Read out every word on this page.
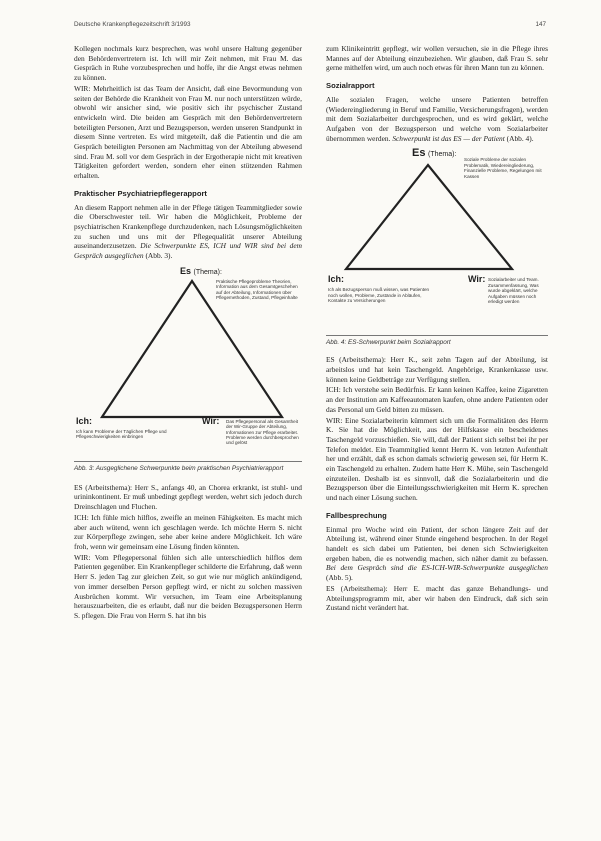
Deutsche Krankenpflegezeitschrift 3/1993	147

Kollegen nochmals kurz besprechen, was wohl unsere Haltung gegenüber den Behördenvertretern ist. Ich will mir Zeit nehmen, mit Frau M. das Gespräch in Ruhe vorzubesprechen und hoffe, ihr die Angst etwas nehmen zu können.

WIR: Mehrheitlich ist das Team der Ansicht, daß eine Bevormundung von seiten der Behörde die Krankheit von Frau M. nur noch unterstützen würde, obwohl wir ansicher sind, wie positiv sich ihr psychischer Zustand entwickeln wird. Die beiden am Gespräch mit den Behördenvertretern beteiligten Personen, Arzt und Bezugsperson, werden unseren Standpunkt in diesem Sinne vertreten. Es wird mitgeteilt, daß die Patientin und die am Gespräch beteiligten Personen am Nachmittag von der Abteilung abwesend sind. Frau M. soll vor dem Gespräch in der Ergotherapie nicht mit kreativen Tätigkeiten gefordert werden, sondern eher einen stützenden Rahmen erhalten.

Praktischer Psychiatriepflegerapport

An diesem Rapport nehmen alle in der Pflege tätigen Teammitglieder sowie die Oberschwester teil. Wir haben die Möglichkeit, Probleme der psychiatrischen Krankenpflege durchzudenken, nach Lösungsmöglichkeiten zu suchen und uns mit der Pflegequalität unserer Abteilung auseinanderzusetzen. Die Schwerpunkte ES, ICH und WIR sind bei dem Gespräch ausgeglichen (Abb. 3).

Es (Thema):
Praktische Pflegeprobleme Theorien, Information aus dem Gesamtgeschehen auf der Abteilung, Informationen über Pflegemethoden, Zustand, Pflegeinhalte
Ich:
Ich kann Probleme der Täglichen Pflege und Pflegeschwierigkeiten einbringen
Wir: Das Pflegepersonal als Gesamtheit der Wir-Gruppe der Abteilung, Informationen zur Pflege erarbeitet. Probleme werden durchbesprochen und gelöst
Abb. 3: Ausgeglichene Schwerpunkte beim praktischen Psychiatrierapport

ES (Arbeitsthema): Herr S., anfangs 40, an Chorea erkrankt, ist stuhl- und urininkontinent. Er muß unbedingt gepflegt werden, wehrt sich jedoch durch Dreinschlagen und Fluchen.

ICH: Ich fühle mich hilflos, zweifle an meinen Fähigkeiten. Es macht mich aber auch wütend, wenn ich geschlagen werde. Ich möchte Herrn S. nicht zur Körperpflege zwingen, sehe aber keine andere Möglichkeit. Ich wäre froh, wenn wir gemeinsam eine Lösung finden könnten.

WIR: Vom Pflegepersonal fühlen sich alle unterschiedlich hilflos dem Patienten gegenüber. Ein Krankenpfleger schilderte die Erfahrung, daß wenn Herr S. jeden Tag zur gleichen Zeit, so gut wie nur möglich ankündigend, von immer derselben Person gepflegt wird, er nicht zu solchen massiven Ausbrüchen kommt. Wir versuchen, im Team eine Arbeitsplanung herauszuarbeiten, die es erlaubt, daß nur die beiden Bezugspersonen Herrn S. pflegen. Die Frau von Herrn S. hat ihn bis

zum Klinikeintritt gepflegt, wir wollen versuchen, sie in die Pflege ihres Mannes auf der Abteilung einzubeziehen. Wir glauben, daß Frau S. sehr gerne mithelfen wird, um auch noch etwas für ihren Mann tun zu können.

Sozialrapport

Alle sozialen Fragen, welche unsere Patienten betreffen (Wiedereingliederung in Beruf und Familie, Versicherungsfragen), werden mit dem Sozialarbeiter durchgesprochen, und es wird geklärt, welche Aufgaben von der Bezugsperson und welche vom Sozialarbeiter übernommen werden. Schwerpunkt ist das ES — der Patient (Abb. 4).

Es (Thema):
Soziale Probleme der sozialen Problematik, Wiedereingliederung, Finanzielle Probleme, Regelungen mit Kassen
Ich:
Ich als Bezugsperson muß wissen, was Patienten noch wollen, Probleme, Zustände in Abläufen, Kontakte zu Versicherungen
Wir: Sozialarbeiter und Team. Zusammenfassung, Was wurde abgeklärt, welche Aufgaben müssen noch erledigt werden
Abb. 4: ES-Schwerpunkt beim Sozialrapport

ES (Arbeitsthema): Herr K., seit zehn Tagen auf der Abteilung, ist arbeitslos und hat kein Taschengeld. Angehörige, Krankenkasse usw. können keine Geldbeträge zur Verfügung stellen.

ICH: Ich verstehe sein Bedürfnis. Er kann keinen Kaffee, keine Zigaretten an der Institution am Kaffeeautomaten kaufen, ohne andere Patienten oder das Personal um Geld bitten zu müssen.

WIR: Eine Sozialarbeiterin kümmert sich um die Formalitäten des Herrn K. Sie hat die Möglichkeit, aus der Hilfskasse ein bescheidenes Taschengeld vorzuschießen. Sie will, daß der Patient sich selbst bei ihr per Telefon meldet. Ein Teammitglied kennt Herrn K. von letzten Aufenthalt her und erzählt, daß es schon damals schwierig gewesen sei, für Herrn K. ein Taschengeld zu erhalten. Zudem hatte Herr K. Mühe, sein Taschengeld einzuteilen. Deshalb ist es sinnvoll, daß die Sozialarbeiterin und die Bezugsperson über die Einteilungsschwierigkeiten mit Herrn K. sprechen und nach einer Lösung suchen.

Fallbesprechung

Einmal pro Woche wird ein Patient, der schon längere Zeit auf der Abteilung ist, während einer Stunde eingehend besprochen. In der Regel handelt es sich dabei um Patienten, bei denen sich Schwierigkeiten ergeben haben, die es notwendig machen, sich näher damit zu befassen. Bei dem Gespräch sind die ES-ICH-WIR-Schwerpunkte ausgeglichen (Abb. 5).

ES (Arbeitsthema): Herr E. macht das ganze Behandlungs- und Abteilungsprogramm mit, aber wir haben den Eindruck, daß sich sein Zustand nicht verändert hat.
